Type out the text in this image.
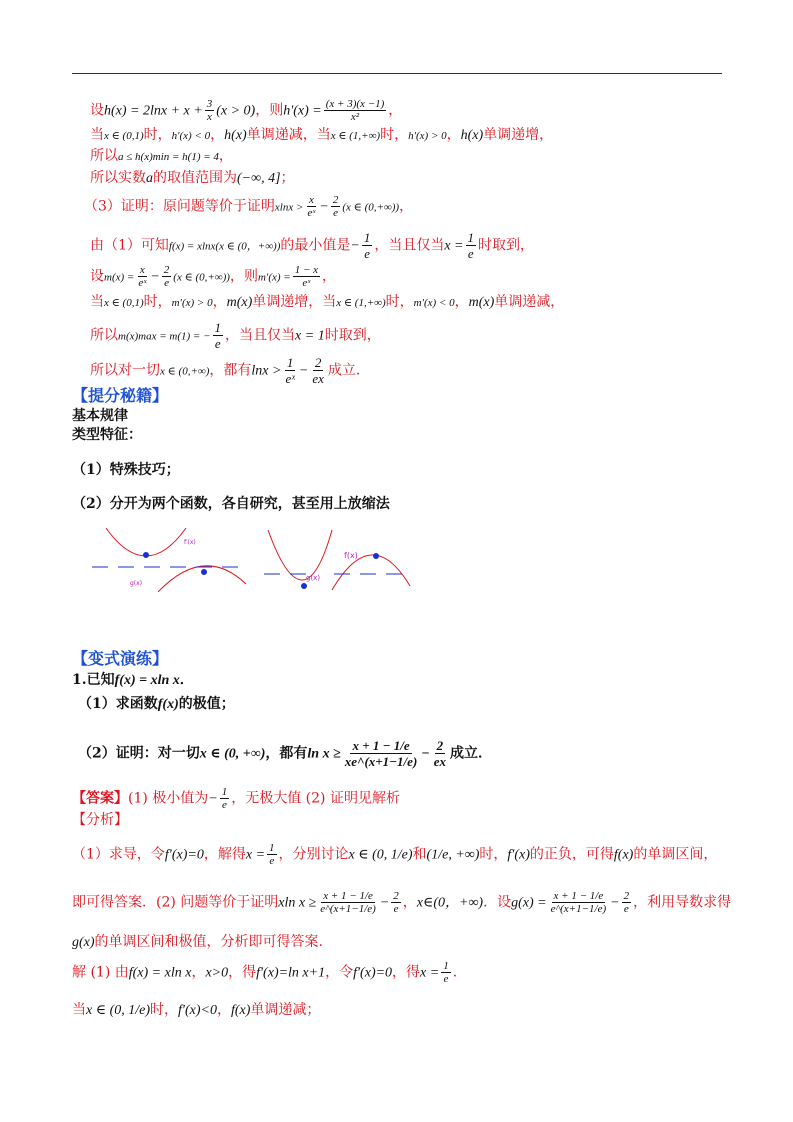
设$h(x) = 2\ln x + x + \frac{3}{x} (x > 0)$，则$h'(x) = \frac{(x + 3)(x -1)}{\text{x²}}$ ，
当x ∈ (0,1)时，h′(x) < 0，h(x)单调递减，当x ∈ (1,+∞)时，h′(x) > 0，h(x)单调递增，
所以a ≤ h(x)min = h(1) = 4，
所以实数a的取值范围为(−∞, 4]；
（3）证明：原问题等价于证明$xlnx > \frac{x}{\text{eˣ}} - \frac{2}{e} (x$ ∈ (0,+∞))，
由（1）可知f(x) = xlnx(x ∈ (0，+∞))的最小值是− $\frac{1}{e}$ ，当且仅当$x = \frac{1}{e}$ 时取到，
设$m(x) = \frac{x}{\text{eˣ}} - \frac{2}{e} (x$ ∈ (0,+∞))，则$m'(x) = \frac{1 - x}{\text{eˣ}}$ ，
当x ∈ (0,1)时，m′(x) > 0，m(x)单调递增，当x ∈ (1,+∞)时，m′(x) < 0，m(x)单调递减，
所以m(x)max = m(1) = − $\frac{1}{e}$ ，当且仅当x = 1时取到，
所以对一切x ∈ (0,+∞)，都有$\ln x > \frac{1}{\text{eˣ}} - \frac{2}{ex}$ 成立．
【提分秘籍】
基本规律
类型特征：
（1）特殊技巧；
（2）分开为两个函数，各自研究，甚至用上放缩法
f′(x)
g(x)
g(x)
f(x)
【变式演练】
1.已知f(x) = xln x．
（1）求函数f(x)的极值；
（2）证明：对一切x ∈ (0, +∞)，都有$\ln x \ge \frac{x + 1 - 1/e}{xe\^{}(x+1-1/e)} - \frac{2}{ex}$ 成立．
【答案】(1) 极小值为− $\frac{1}{e}$ ，无极大值 (2) 证明见解析
【分析】
（1）求导，令f′(x)=0，解得$x = \frac{1}{e}$ ，分别讨论x ∈ (0, 1/e)和(1/e, +∞)时，f′(x)的正负，可得f(x)的单调区间，
即可得答案．(2) 问题等价于证明xln $x \ge \frac{x + 1 - 1/e}{e\^{}(x+1-1/e)} - \frac{2}{e}$ ，x∈(0，+∞)．设$g(x) = \frac{x + 1 - 1/e}{e\^{}(x+1-1/e)} - \frac{2}{e}$ ，利用导数求得
g(x)的单调区间和极值，分析即可得答案.
解 (1) 由f(x) = xln x，x>0，得f′(x)=ln x+1，令f′(x)=0，得$x = \frac{1}{e}$ ．
当x ∈ (0, 1/e)时，f′(x)<0，f(x)单调递减；
